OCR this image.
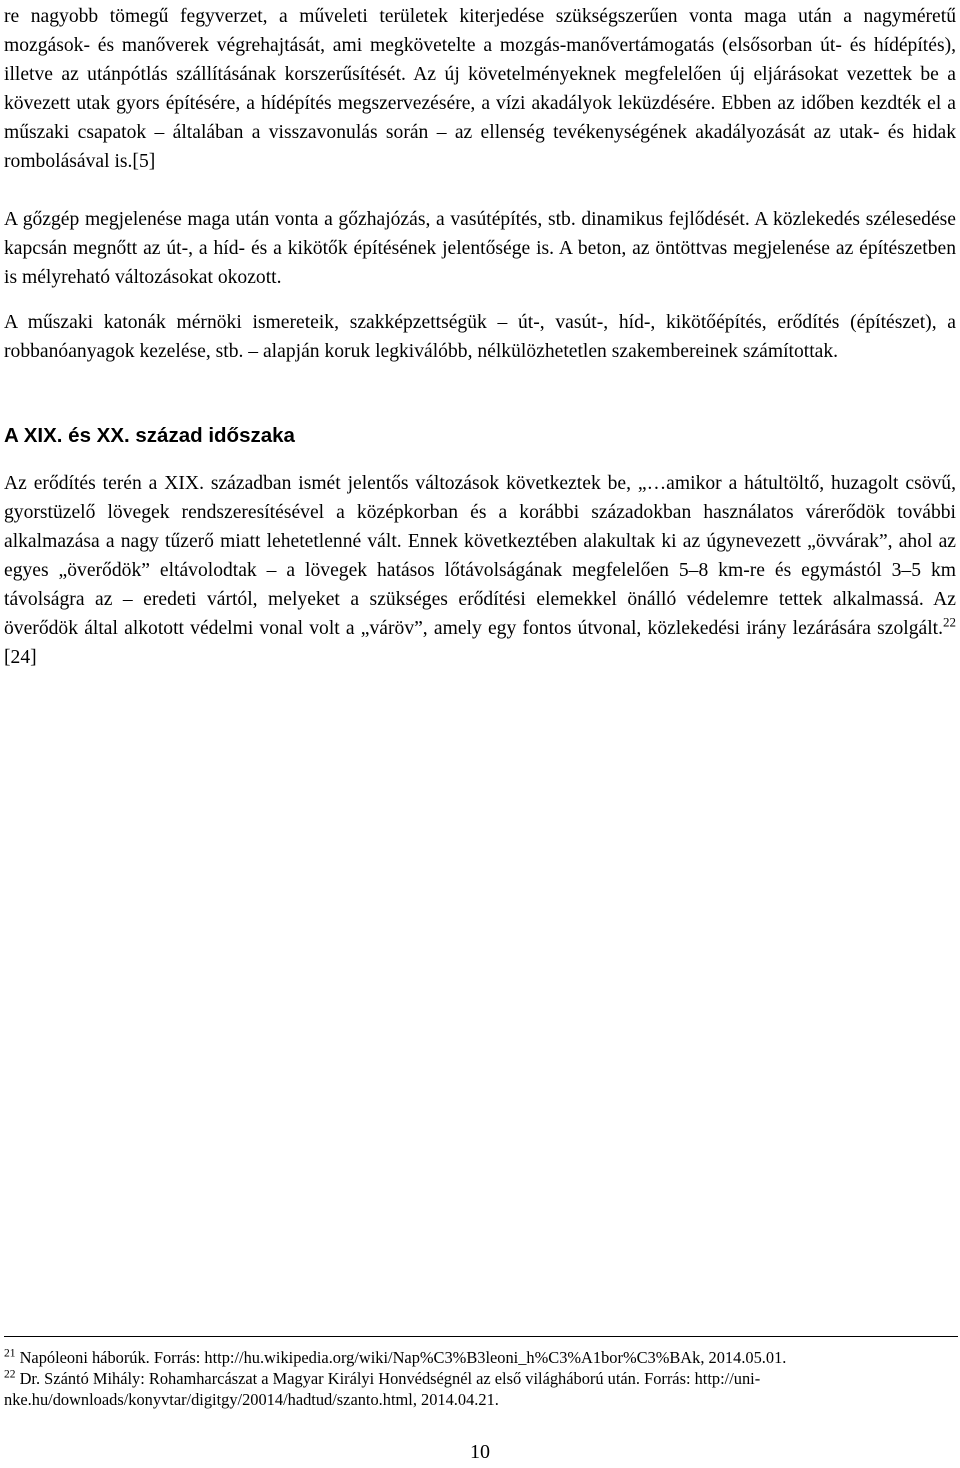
re nagyobb tömegű fegyverzet, a műveleti területek kiterjedése szükségszerűen vonta maga után a nagyméretű mozgások- és manőverek végrehajtását, ami megkövetelte a mozgás-manővertámogatás (elsősorban út- és hídépítés), illetve az utánpótlás szállításának korszerűsítését. Az új követelményeknek megfelelően új eljárásokat vezettek be a kövezett utak gyors építésére, a hídépítés megszervezésére, a vízi akadályok leküzdésére. Ebben az időben kezdték el a műszaki csapatok – általában a visszavonulás során – az ellenség tevékenységének akadályozását az utak- és hidak rombolásával is.[5]

A gőzgép megjelenése maga után vonta a gőzhajózás, a vasútépítés, stb. dinamikus fejlődését. A közlekedés szélesedése kapcsán megnőtt az út-, a híd- és a kikötők építésének jelentősége is. A beton, az öntöttvas megjelenése az építészetben is mélyreható változásokat okozott.

A műszaki katonák mérnöki ismereteik, szakképzettségük – út-, vasút-, híd-, kikötőépítés, erődítés (építészet), a robbanóanyagok kezelése, stb. – alapján koruk legkiválóbb, nélkülözhetetlen szakembereinek számítottak.

A XIX. és XX. század időszaka

Az erődítés terén a XIX. században ismét jelentős változások következtek be, „…amikor a hátultöltő, huzagolt csövű, gyorstüzelő lövegek rendszeresítésével a középkorban és a korábbi századokban használatos várerődök további alkalmazása a nagy tűzerő miatt lehetetlenné vált. Ennek következtében alakultak ki az úgynevezett „övvárak”, ahol az egyes „överődök” eltávolodtak – a lövegek hatásos lőtávolságának megfelelően 5–8 km-re és egymástól 3–5 km távolságra az – eredeti vártól, melyeket a szükséges erődítési elemekkel önálló védelemre tettek alkalmassá. Az överődök által alkotott védelmi vonal volt a „váröv”, amely egy fontos útvonal, közlekedési irány lezárására szolgált.$^{22}$ [24]

$^{21}$ Napóleoni háborúk. Forrás: http://hu.wikipedia.org/wiki/Nap%C3%B3leoni_h%C3%A1bor%C3%BAk, 2014.05.01.

$^{22}$ Dr. Szántó Mihály: Rohamharcászat a Magyar Királyi Honvédségnél az első világháború után. Forrás: http://uni-nke.hu/downloads/konyvtar/digitgy/20014/hadtud/szanto.html, 2014.04.21.

10
